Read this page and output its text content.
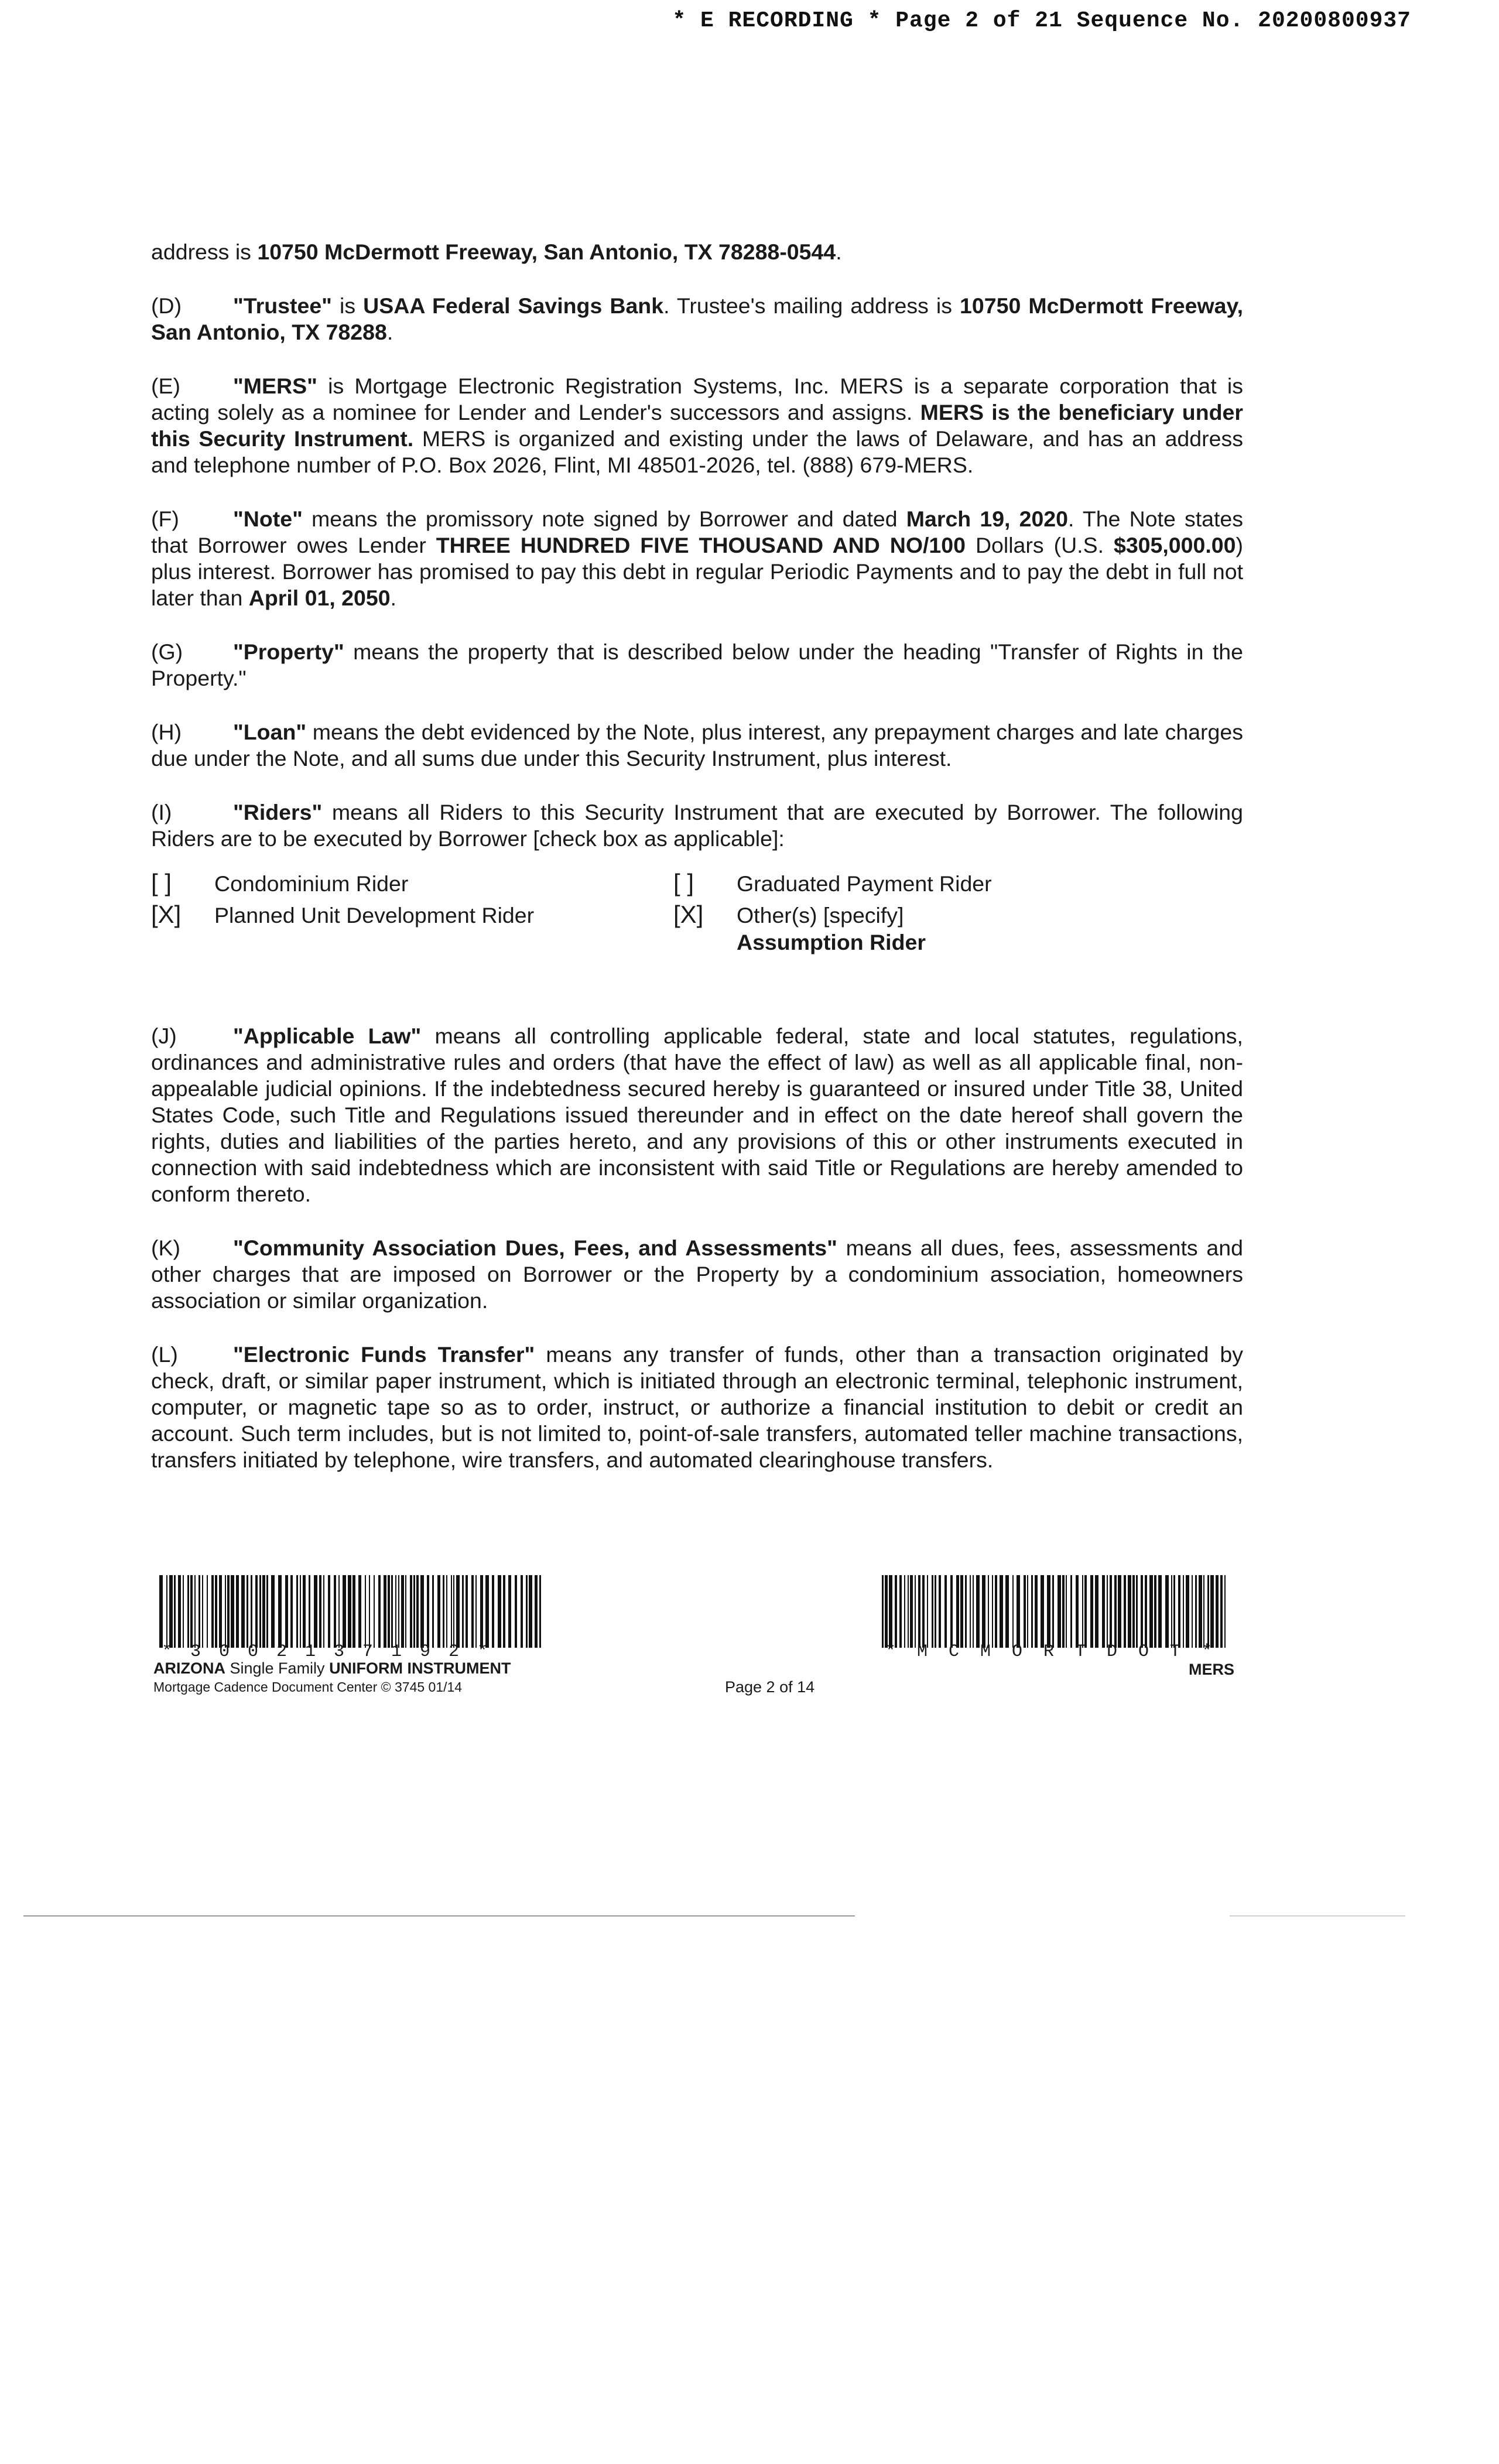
* E RECORDING * Page 2 of 21 Sequence No. 20200800937

address is 10750 McDermott Freeway, San Antonio, TX 78288-0544.

(D) "Trustee" is USAA Federal Savings Bank. Trustee's mailing address is 10750 McDermott Freeway, San Antonio, TX 78288.

(E) "MERS" is Mortgage Electronic Registration Systems, Inc. MERS is a separate corporation that is acting solely as a nominee for Lender and Lender's successors and assigns. MERS is the beneficiary under this Security Instrument. MERS is organized and existing under the laws of Delaware, and has an address and telephone number of P.O. Box 2026, Flint, MI 48501-2026, tel. (888) 679-MERS.

(F) "Note" means the promissory note signed by Borrower and dated March 19, 2020. The Note states that Borrower owes Lender THREE HUNDRED FIVE THOUSAND AND NO/100 Dollars (U.S. $305,000.00) plus interest. Borrower has promised to pay this debt in regular Periodic Payments and to pay the debt in full not later than April 01, 2050.

(G) "Property" means the property that is described below under the heading "Transfer of Rights in the Property."

(H) "Loan" means the debt evidenced by the Note, plus interest, any prepayment charges and late charges due under the Note, and all sums due under this Security Instrument, plus interest.

(I)	"Riders" means all Riders to this Security Instrument that are executed by Borrower. The following Riders are to be executed by Borrower [check box as applicable]:

[ ] Condominium Rider
[X] Planned Unit Development Rider
[ ] Graduated Payment Rider
[X] Other(s) [specify]
Assumption Rider

(J)	"Applicable Law" means all controlling applicable federal, state and local statutes, regulations, ordinances and administrative rules and orders (that have the effect of law) as well as all applicable final, non-appealable judicial opinions. If the indebtedness secured hereby is guaranteed or insured under Title 38, United States Code, such Title and Regulations issued thereunder and in effect on the date hereof shall govern the rights, duties and liabilities of the parties hereto, and any provisions of this or other instruments executed in connection with said indebtedness which are inconsistent with said Title or Regulations are hereby amended to conform thereto.

(K) "Community Association Dues, Fees, and Assessments" means all dues, fees, assessments and other charges that are imposed on Borrower or the Property by a condominium association, homeowners association or similar organization.

(L)	"Electronic Funds Transfer" means any transfer of funds, other than a transaction originated by check, draft, or similar paper instrument, which is initiated through an electronic terminal, telephonic instrument, computer, or magnetic tape so as to order, instruct, or authorize a financial institution to debit or credit an account. Such term includes, but is not limited to, point-of-sale transfers, automated teller machine transactions, transfers initiated by telephone, wire transfers, and automated clearinghouse transfers.

*3002137192*
ARIZONA Single Family UNIFORM INSTRUMENT
Mortgage Cadence Document Center © 3745 01/14	Page 2 of 14
*MCMORTDOT*
MERS
